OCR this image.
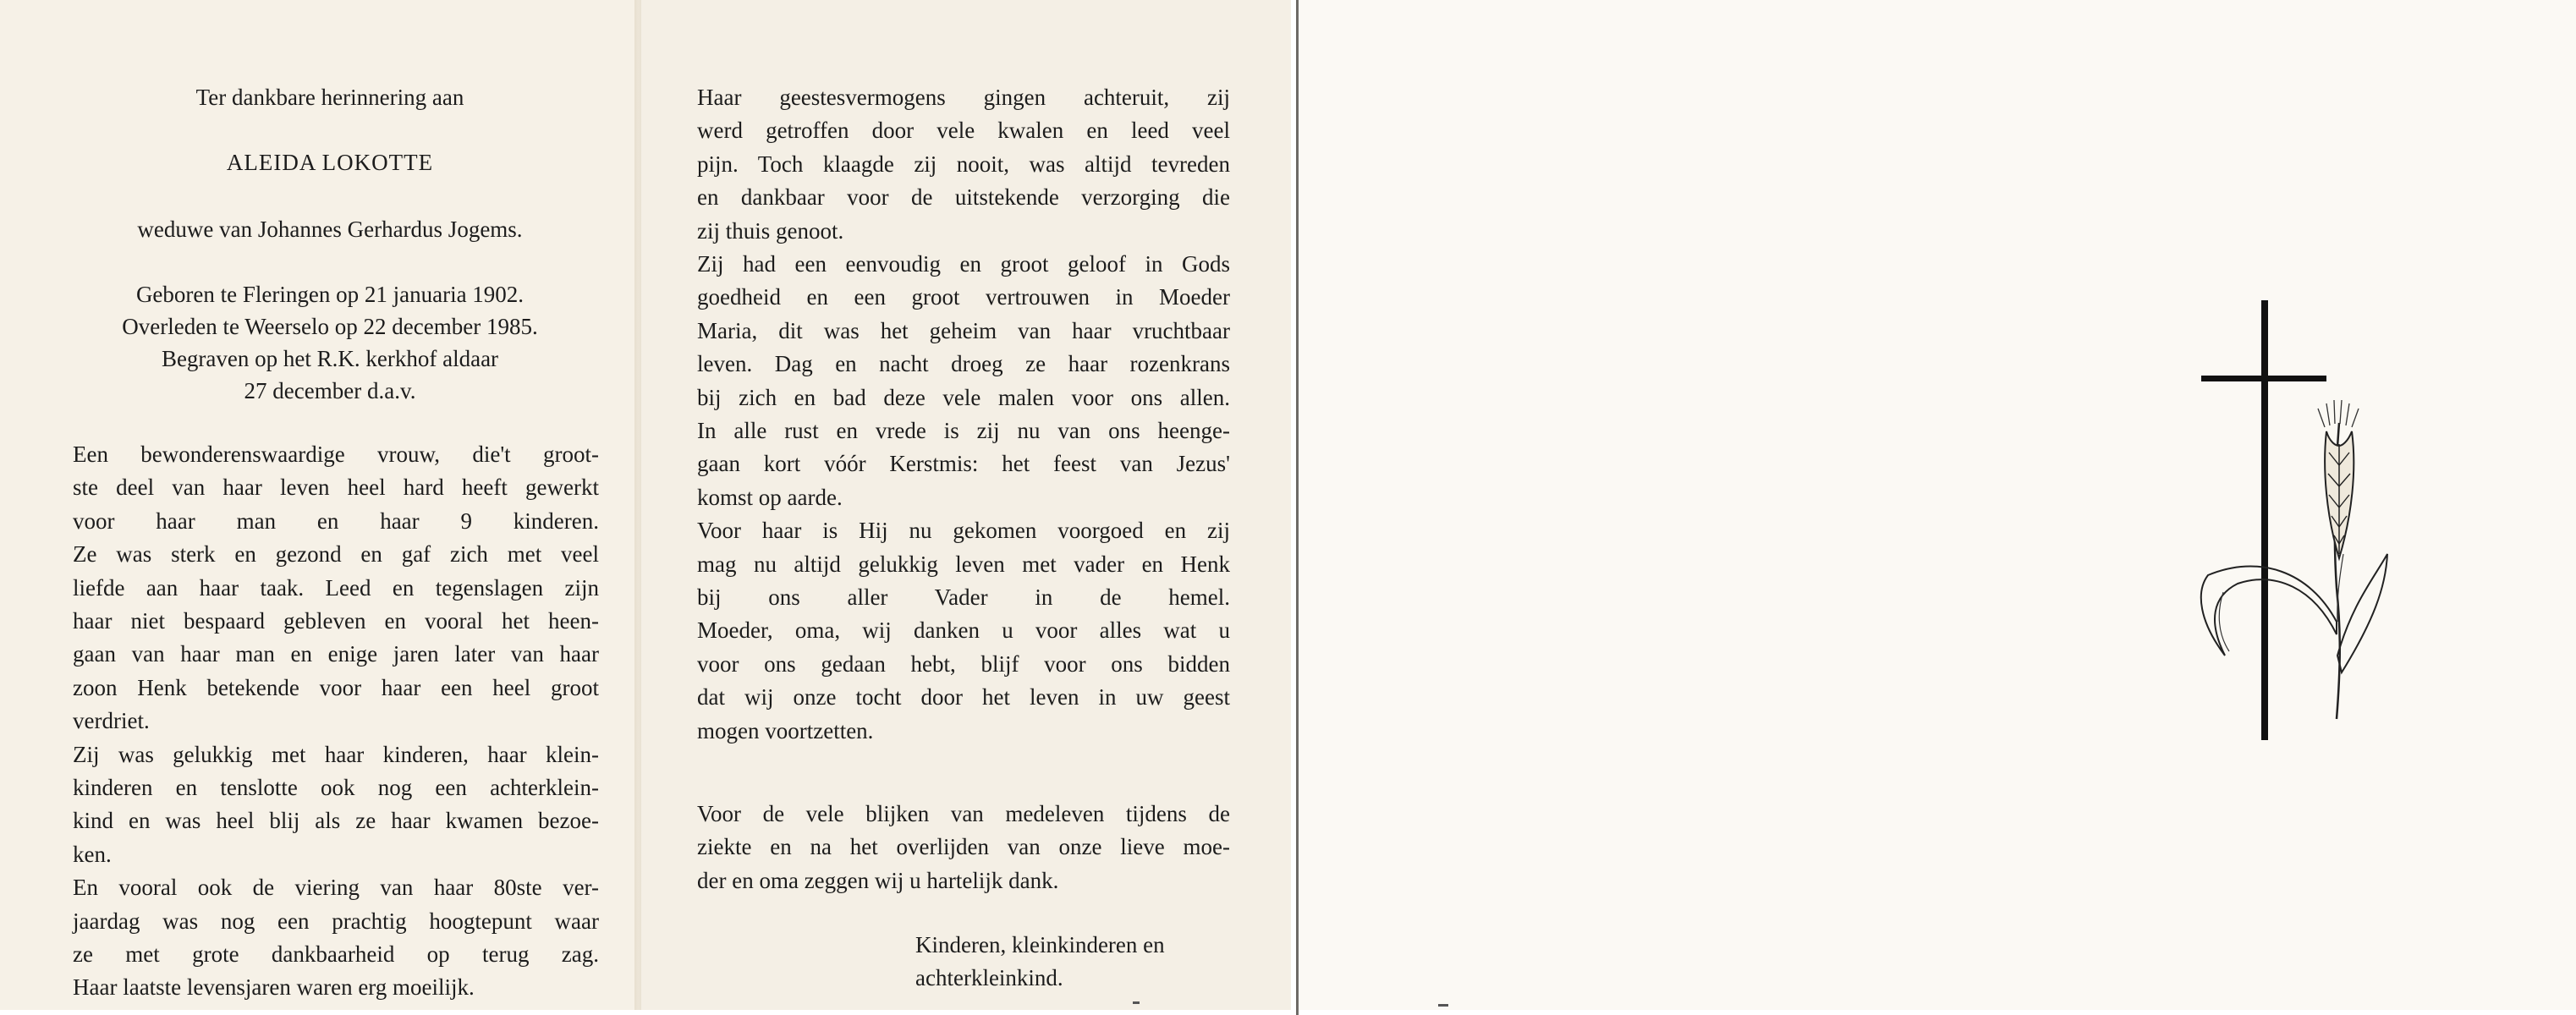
Ter dankbare herinnering aan
ALEIDA LOKOTTE
weduwe van Johannes Gerhardus Jogems.
Geboren te Fleringen op 21 januaria 1902.
Overleden te Weerselo op 22 december 1985.
Begraven op het R.K. kerkhof aldaar
27 december d.a.v.
Een bewonderenswaardige vrouw, die't groot-
ste deel van haar leven heel hard heeft gewerkt
voor haar man en haar 9 kinderen.
Ze was sterk en gezond en gaf zich met veel
liefde aan haar taak. Leed en tegenslagen zijn
haar niet bespaard gebleven en vooral het heen-
gaan van haar man en enige jaren later van haar
zoon Henk betekende voor haar een heel groot
verdriet.
Zij was gelukkig met haar kinderen, haar klein-
kinderen en tenslotte ook nog een achterklein-
kind en was heel blij als ze haar kwamen bezoe-
ken.
En vooral ook de viering van haar 80ste ver-
jaardag was nog een prachtig hoogtepunt waar
ze met grote dankbaarheid op terug zag.
Haar laatste levensjaren waren erg moeilijk.
Haar geestesvermogens gingen achteruit, zij
werd getroffen door vele kwalen en leed veel
pijn. Toch klaagde zij nooit, was altijd tevreden
en dankbaar voor de uitstekende verzorging die
zij thuis genoot.
Zij had een eenvoudig en groot geloof in Gods
goedheid en een groot vertrouwen in Moeder
Maria, dit was het geheim van haar vruchtbaar
leven. Dag en nacht droeg ze haar rozenkrans
bij zich en bad deze vele malen voor ons allen.
In alle rust en vrede is zij nu van ons heenge-
gaan kort vóór Kerstmis: het feest van Jezus'
komst op aarde.
Voor haar is Hij nu gekomen voorgoed en zij
mag nu altijd gelukkig leven met vader en Henk
bij ons aller Vader in de hemel.
Moeder, oma, wij danken u voor alles wat u
voor ons gedaan hebt, blijf voor ons bidden
dat wij onze tocht door het leven in uw geest
mogen voortzetten.
Voor de vele blijken van medeleven tijdens de
ziekte en na het overlijden van onze lieve moe-
der en oma zeggen wij u hartelijk dank.
Kinderen, kleinkinderen en
achterkleinkind.
